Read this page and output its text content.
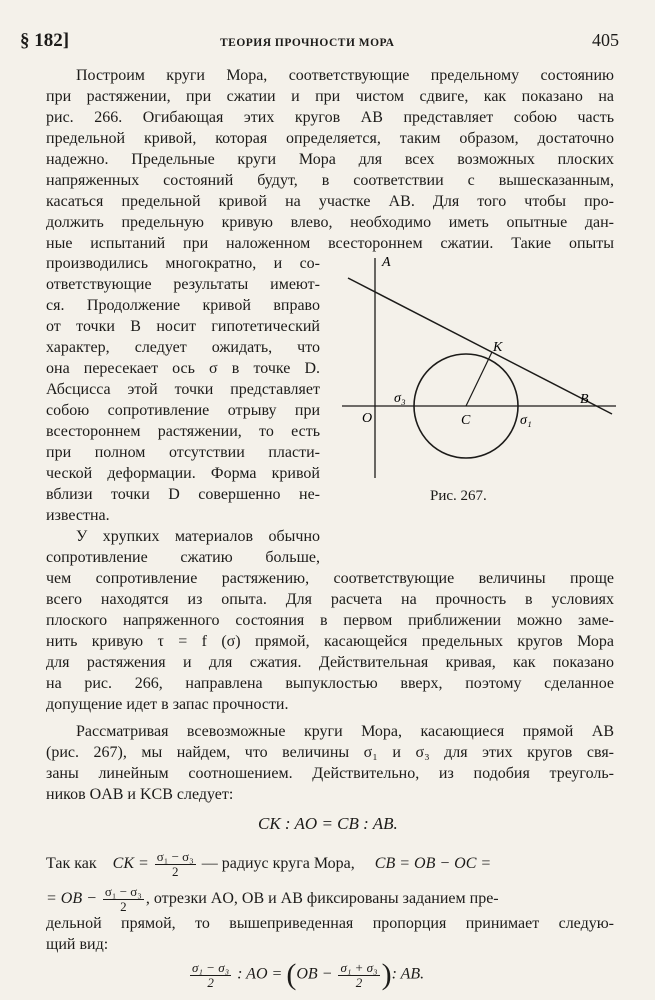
§ 182]	ТЕОРИЯ ПРОЧНОСТИ МОРА	405
Построим круги Мора, соответствующие предельному состоянию
при растяжении, при сжатии и при чистом сдвиге, как показано на
рис. 266. Огибающая этих кругов AB представляет собою часть
предельной кривой, которая определяется, таким образом, достаточно
надежно. Предельные круги Мора для всех возможных плоских
напряженных состояний будут, в соответствии с вышесказанным,
касаться предельной кривой на участке AB. Для того чтобы про-
должить предельную кривую влево, необходимо иметь опытные дан-
ные испытаний при наложенном всестороннем сжатии. Такие опыты
производились многократно, и со-
ответствующие результаты имеют-
ся. Продолжение кривой вправо
от точки B носит гипотетический
характер, следует ожидать, что
она пересекает ось σ в точке D.
Абсцисса этой точки представляет
собою сопротивление отрыву при
всестороннем растяжении, то есть
при полном отсутствии пласти-
ческой деформации. Форма кривой
вблизи точки D совершенно не-
известна.
У хрупких материалов обычно
сопротивление сжатию больше,
A
O	C
K
B
σ₃
σ₁
Рис. 267.
чем сопротивление растяжению, соответствующие величины проще
всего находятся из опыта. Для расчета на прочность в условиях
плоского напряженного состояния в первом приближении можно заме-
нить кривую τ = f (σ) прямой, касающейся предельных кругов Мора
для растяжения и для сжатия. Действительная кривая, как показано
на рис. 266, направлена выпуклостью вверх, поэтому сделанное
допущение идет в запас прочности.
Рассматривая всевозможные круги Мора, касающиеся прямой AB
(рис. 267), мы найдем, что величины σ₁ и σ₃ для этих кругов свя-
заны линейным соотношением. Действительно, из подобия треуголь-
ников OAB и KCB следует:
CK : AO = CB : AB.
Так как CK = $\frac{\text{σ₁ − σ₃}}{2}$ — радиус круга Мора, CB = OB − OC =
= OB − $\frac{\text{σ₁ − σ₃}}{2}$ , отрезки AO, OB и AB фиксированы заданием пре-
дельной прямой, то вышеприведенная пропорция принимает следую-
щий вид:
$\frac{\text{σ₁ − σ₃}}{2}$ : AO = ($OB - \frac{\text{σ₁ + σ₃}}{2}$ ): AB.
